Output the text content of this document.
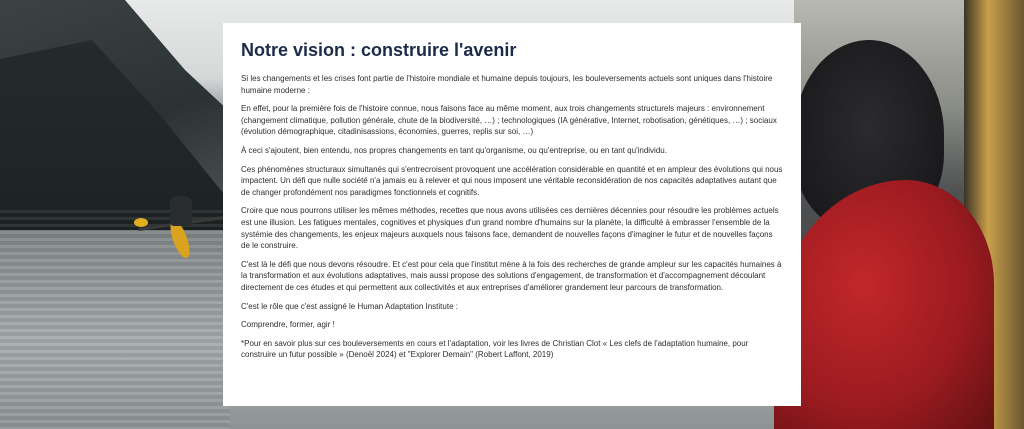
Notre vision : construire l'avenir

Si les changements et les crises font partie de l'histoire mondiale et humaine depuis toujours, les bouleversements actuels sont uniques dans l'histoire humaine moderne :

En effet, pour la première fois de l'histoire connue, nous faisons face au même moment, aux trois changements structurels majeurs : environnement (changement climatique, pollution générale, chute de la biodiversité, …) ; technologiques (IA générative, Internet, robotisation, génétiques, …) ; sociaux (évolution démographique, citadinisassions, économies, guerres, replis sur soi, …)

À ceci s'ajoutent, bien entendu, nos propres changements en tant qu'organisme, ou qu'entreprise, ou en tant qu'individu.

Ces phénomènes structuraux simultanés qui s'entrecroisent provoquent une accélération considérable en quantité et en ampleur des évolutions qui nous impactent. Un défi que nulle société n'a jamais eu à relever et qui nous imposent une véritable reconsidération de nos capacités adaptatives autant que de changer profondément nos paradigmes fonctionnels et cognitifs.

Croire que nous pourrons utiliser les mêmes méthodes, recettes que nous avons utilisées ces dernières décennies pour résoudre les problèmes actuels est une illusion. Les fatigues mentales, cognitives et physiques d'un grand nombre d'humains sur la planète, la difficulté à embrasser l'ensemble de la systémie des changements, les enjeux majeurs auxquels nous faisons face, demandent de nouvelles façons d'imaginer le futur et de nouvelles façons de le construire.

C'est là le défi que nous devons résoudre. Et c'est pour cela que l'institut mène à la fois des recherches de grande ampleur sur les capacités humaines à la transformation et aux évolutions adaptatives, mais aussi propose des solutions d'engagement, de transformation et d'accompagnement découlant directement de ces études et qui permettent aux collectivités et aux entreprises d'améliorer grandement leur parcours de transformation.

C'est le rôle que c'est assigné le Human Adaptation Institute :

Comprendre, former, agir !

*Pour en savoir plus sur ces bouleversements en cours et l'adaptation, voir les livres de Christian Clot « Les clefs de l'adaptation humaine, pour construire un futur possible » (Denoël 2024) et "Explorer Demain" (Robert Laffont, 2019)
